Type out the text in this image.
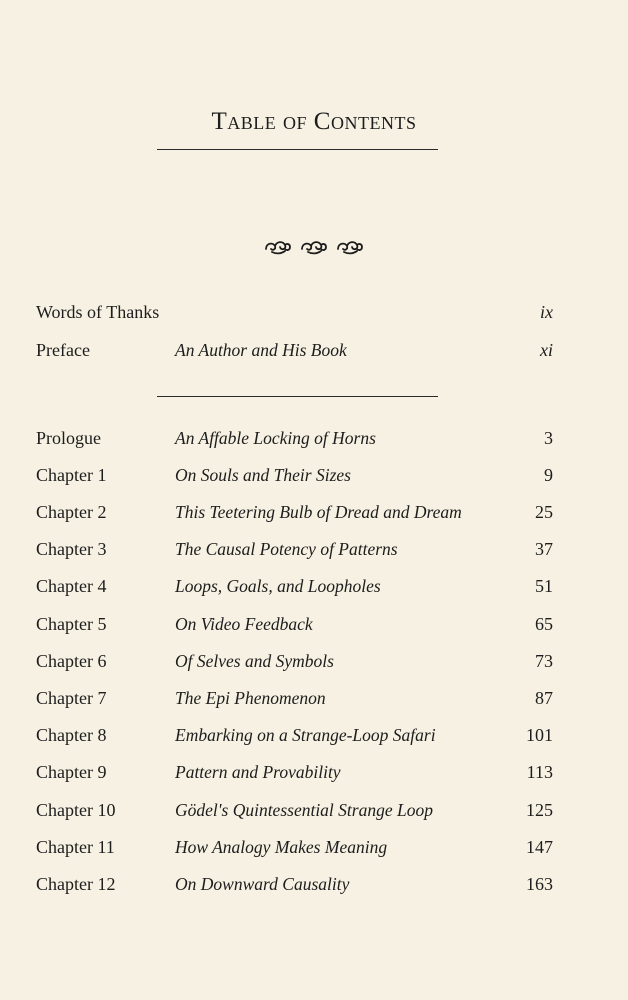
Table of Contents
Words of Thanks	ix
Preface	An Author and His Book	xi
Prologue	An Affable Locking of Horns	3
Chapter 1	On Souls and Their Sizes	9
Chapter 2	This Teetering Bulb of Dread and Dream	25
Chapter 3	The Causal Potency of Patterns	37
Chapter 4	Loops, Goals, and Loopholes	51
Chapter 5	On Video Feedback	65
Chapter 6	Of Selves and Symbols	73
Chapter 7	The Epi Phenomenon	87
Chapter 8	Embarking on a Strange-Loop Safari	101
Chapter 9	Pattern and Provability	113
Chapter 10	Gödel's Quintessential Strange Loop	125
Chapter 11	How Analogy Makes Meaning	147
Chapter 12	On Downward Causality	163
